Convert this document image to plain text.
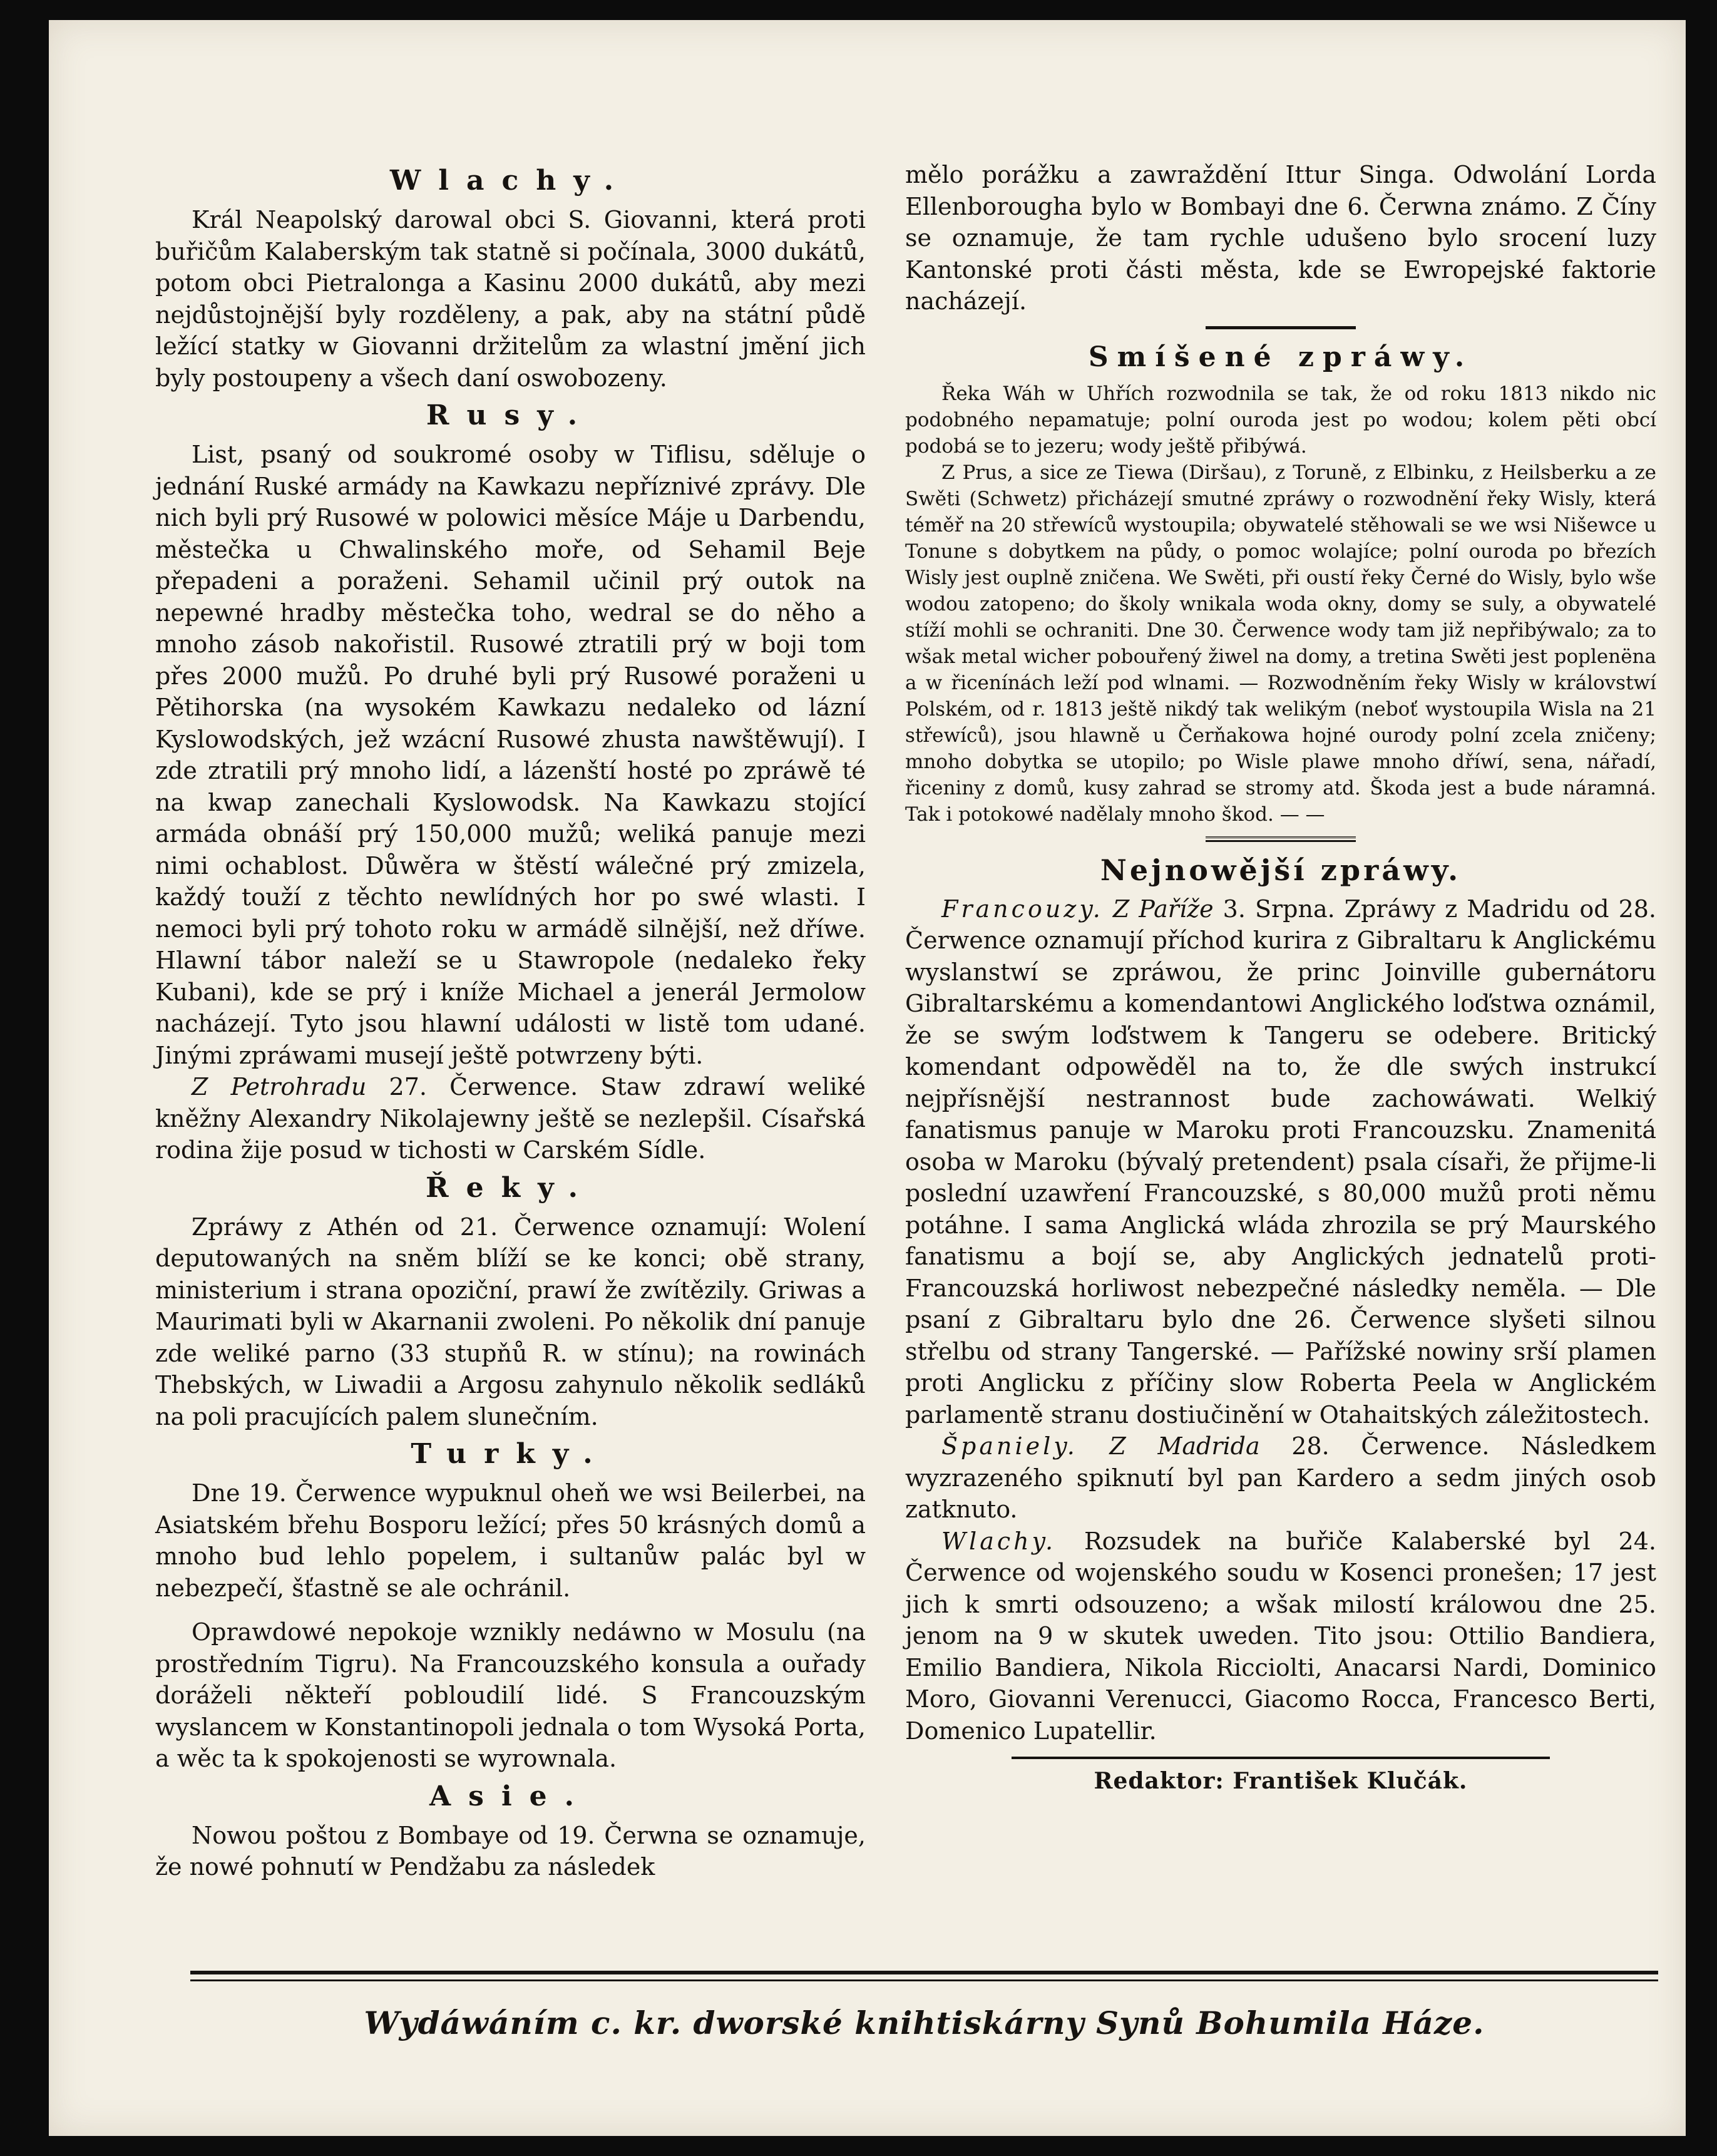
Wlachy.

Král Neapolský darowal obci S. Giovanni, která proti buřičům Kalaberským tak statně si počínala, 3000 dukátů, potom obci Pietralonga a Kasinu 2000 dukátů, aby mezi nejdůstojnější byly rozděleny, a pak, aby na státní půdě ležící statky w Giovanni držitelům za wlastní jmění jich byly postoupeny a všech daní oswobozeny.

Rusy.

List, psaný od soukromé osoby w Tiflisu, sděluje o jednání Ruské armády na Kawkazu nepříznivé zprávy. Dle nich byli prý Rusowé w polowici měsíce Máje u Darbendu, městečka u Chwalinského moře, od Sehamil Beje přepadeni a poraženi. Sehamil učinil prý outok na nepewné hradby městečka toho, wedral se do něho a mnoho zásob nakořistil. Rusowé ztratili prý w boji tom přes 2000 mužů. Po druhé byli prý Rusowé poraženi u Pětihorska (na wysokém Kawkazu nedaleko od lázní Kyslowodských, jež wzácní Rusowé zhusta nawštěwují). I zde ztratili prý mnoho lidí, a lázenští hosté po zpráwě té na kwap zanechali Kyslowodsk. Na Kawkazu stojící armáda obnáší prý 150,000 mužů; weliká panuje mezi nimi ochablost. Důwěra w štěstí wálečné prý zmizela, každý touží z těchto newlídných hor po swé wlasti. I nemoci byli prý tohoto roku w armádě silnější, než dříwe. Hlawní tábor naleží se u Stawropole (nedaleko řeky Kubani), kde se prý i kníže Michael a jenerál Jermolow nacházejí. Tyto jsou hlawní události w listě tom udané. Jinými zpráwami musejí ještě potwrzeny býti.

Z Petrohradu 27. Čerwence. Staw zdrawí weliké kněžny Alexandry Nikolajewny ještě se nezlepšil. Císařská rodina žije posud w tichosti w Carském Sídle.

Řeky.

Zpráwy z Athén od 21. Čerwence oznamují: Wolení deputowaných na sněm blíží se ke konci; obě strany, ministerium i strana opoziční, prawí že zwítězily. Griwas a Maurimati byli w Akarnanii zwoleni. Po několik dní panuje zde weliké parno (33 stupňů R. w stínu); na rowinách Thebských, w Liwadii a Argosu zahynulo několik sedláků na poli pracujících palem slunečním.

Turky.

Dne 19. Čerwence wypuknul oheň we wsi Beilerbei, na Asiatském břehu Bosporu ležící; přes 50 krásných domů a mnoho bud lehlo popelem, i sultanůw palác byl w nebezpečí, šťastně se ale ochránil.

Oprawdowé nepokoje wznikly nedáwno w Mosulu (na prostředním Tigru). Na Francouzského konsula a ouřady doráželi někteří pobloudilí lidé. S Francouzským wyslancem w Konstantinopoli jednala o tom Wysoká Porta, a wěc ta k spokojenosti se wyrownala.

Asie.

Nowou poštou z Bombaye od 19. Čerwna se oznamuje, že nowé pohnutí w Pendžabu za následek

mělo porážku a zawraždění Ittur Singa. Odwolání Lorda Ellenborougha bylo w Bombayi dne 6. Čerwna známo. Z Číny se oznamuje, že tam rychle udušeno bylo srocení luzy Kantonské proti části města, kde se Ewropejské faktorie nacházejí.

Smíšené zpráwy.

Řeka Wáh w Uhřích rozwodnila se tak, že od roku 1813 nikdo nic podobného nepamatuje; polní ouroda jest po wodou; kolem pěti obcí podobá se to jezeru; wody ještě přibýwá.

Z Prus, a sice ze Tiewa (Diršau), z Toruně, z Elbinku, z Heilsberku a ze Swěti (Schwetz) přicházejí smutné zpráwy o rozwodnění řeky Wisly, která téměř na 20 střewíců wystoupila; obywatelé stěhowali se we wsi Nišewce u Tonune s dobytkem na půdy, o pomoc wolajíce; polní ouroda po březích Wisly jest ouplně zničena. We Swěti, při oustí řeky Černé do Wisly, bylo wše wodou zatopeno; do školy wnikala woda okny, domy se suly, a obywatelé stíží mohli se ochraniti. Dne 30. Čerwence wody tam již nepřibýwalo; za to wšak metal wicher pobouřený žiwel na domy, a tretina Swěti jest poplenëna a w řicenínách leží pod wlnami. — Rozwodněním řeky Wisly w královstwí Polském, od r. 1813 ještě nikdý tak welikým (neboť wystoupila Wisla na 21 střewíců), jsou hlawně u Čerňakowa hojné ourody polní zcela zničeny; mnoho dobytka se utopilo; po Wisle plawe mnoho dříwí, sena, nářadí, řiceniny z domů, kusy zahrad se stromy atd. Škoda jest a bude náramná. Tak i potokowé nadělaly mnoho škod. — —

Nejnowější zpráwy.

Francouzy. Z Paříže 3. Srpna. Zpráwy z Madridu od 28. Čerwence oznamují příchod kurira z Gibraltaru k Anglickému wyslanstwí se zpráwou, že princ Joinville gubernátoru Gibraltarskému a komendantowi Anglického loďstwa oznámil, že se swým loďstwem k Tangeru se odebere. Britický komendant odpowěděl na to, že dle swých instrukcí nejpřísnější nestrannost bude zachowáwati. Welkiý fanatismus panuje w Maroku proti Francouzsku. Znamenitá osoba w Maroku (bývalý pretendent) psala císaři, že přijme-li poslední uzawření Francouzské, s 80,000 mužů proti němu potáhne. I sama Anglická wláda zhrozila se prý Maurského fanatismu a bojí se, aby Anglických jednatelů proti-Francouzská horliwost nebezpečné následky neměla. — Dle psaní z Gibraltaru bylo dne 26. Čerwence slyšeti silnou střelbu od strany Tangerské. — Pařížské nowiny srší plamen proti Anglicku z příčiny slow Roberta Peela w Anglickém parlamentě stranu dostiučinění w Otahaitských záležitostech.

Španiely. Z Madrida 28. Čerwence. Následkem wyzrazeného spiknutí byl pan Kardero a sedm jiných osob zatknuto.

Wlachy. Rozsudek na buřiče Kalaberské byl 24. Čerwence od wojenského soudu w Kosenci pronešen; 17 jest jich k smrti odsouzeno; a wšak milostí králowou dne 25. jenom na 9 w skutek uweden. Tito jsou: Ottilio Bandiera, Emilio Bandiera, Nikola Ricciolti, Anacarsi Nardi, Dominico Moro, Giovanni Verenucci, Giacomo Rocca, Francesco Berti, Domenico Lupatellir.

Redaktor: František Klučák.
Wydáwáním c. kr. dworské knihtiskárny Synů Bohumila Háze.
